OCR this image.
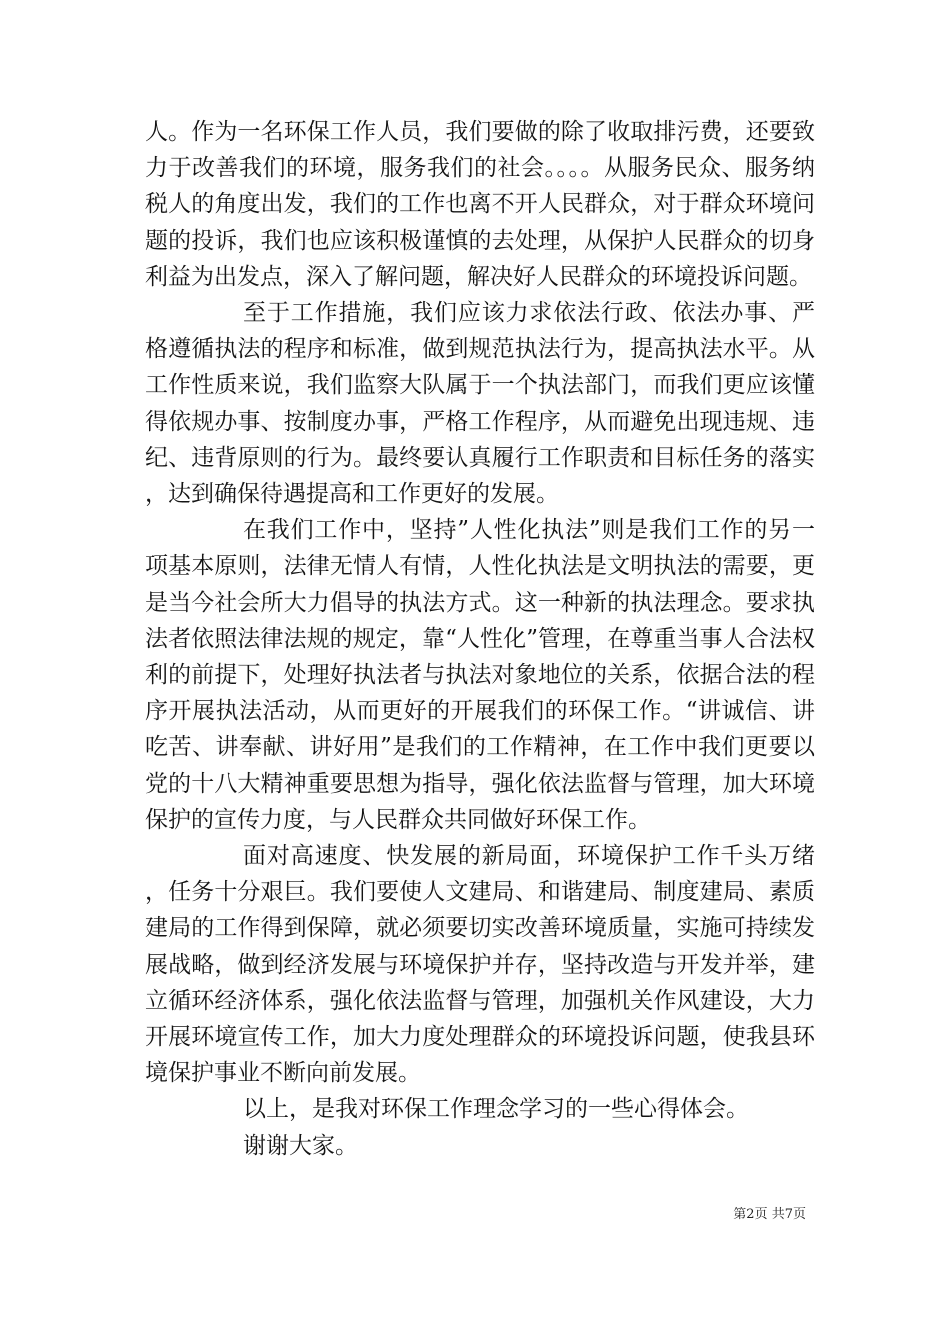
人。作为一名环保工作人员，我们要做的除了收取排污费，还要致力于改善我们的环境，服务我们的社会。。。。从服务民众、服务纳税人的角度出发，我们的工作也离不开人民群众，对于群众环境问题的投诉，我们也应该积极谨慎的去处理，从保护人民群众的切身利益为出发点，深入了解问题，解决好人民群众的环境投诉问题。

至于工作措施，我们应该力求依法行政、依法办事、严格遵循执法的程序和标准，做到规范执法行为，提高执法水平。从工作性质来说，我们监察大队属于一个执法部门，而我们更应该懂得依规办事、按制度办事，严格工作程序，从而避免出现违规、违纪、违背原则的行为。最终要认真履行工作职责和目标任务的落实，达到确保待遇提高和工作更好的发展。

在我们工作中，坚持”人性化执法”则是我们工作的另一项基本原则，法律无情人有情，人性化执法是文明执法的需要，更是当今社会所大力倡导的执法方式。这一种新的执法理念。要求执法者依照法律法规的规定，靠“人性化”管理，在尊重当事人合法权利的前提下，处理好执法者与执法对象地位的关系，依据合法的程序开展执法活动，从而更好的开展我们的环保工作。“讲诚信、讲吃苦、讲奉献、讲好用”是我们的工作精神，在工作中我们更要以党的十八大精神重要思想为指导，强化依法监督与管理，加大环境保护的宣传力度，与人民群众共同做好环保工作。

面对高速度、快发展的新局面，环境保护工作千头万绪，任务十分艰巨。我们要使人文建局、和谐建局、制度建局、素质建局的工作得到保障，就必须要切实改善环境质量，实施可持续发展战略，做到经济发展与环境保护并存，坚持改造与开发并举，建立循环经济体系，强化依法监督与管理，加强机关作风建设，大力开展环境宣传工作，加大力度处理群众的环境投诉问题，使我县环境保护事业不断向前发展。

以上，是我对环保工作理念学习的一些心得体会。

谢谢大家。

第2页 共7页
